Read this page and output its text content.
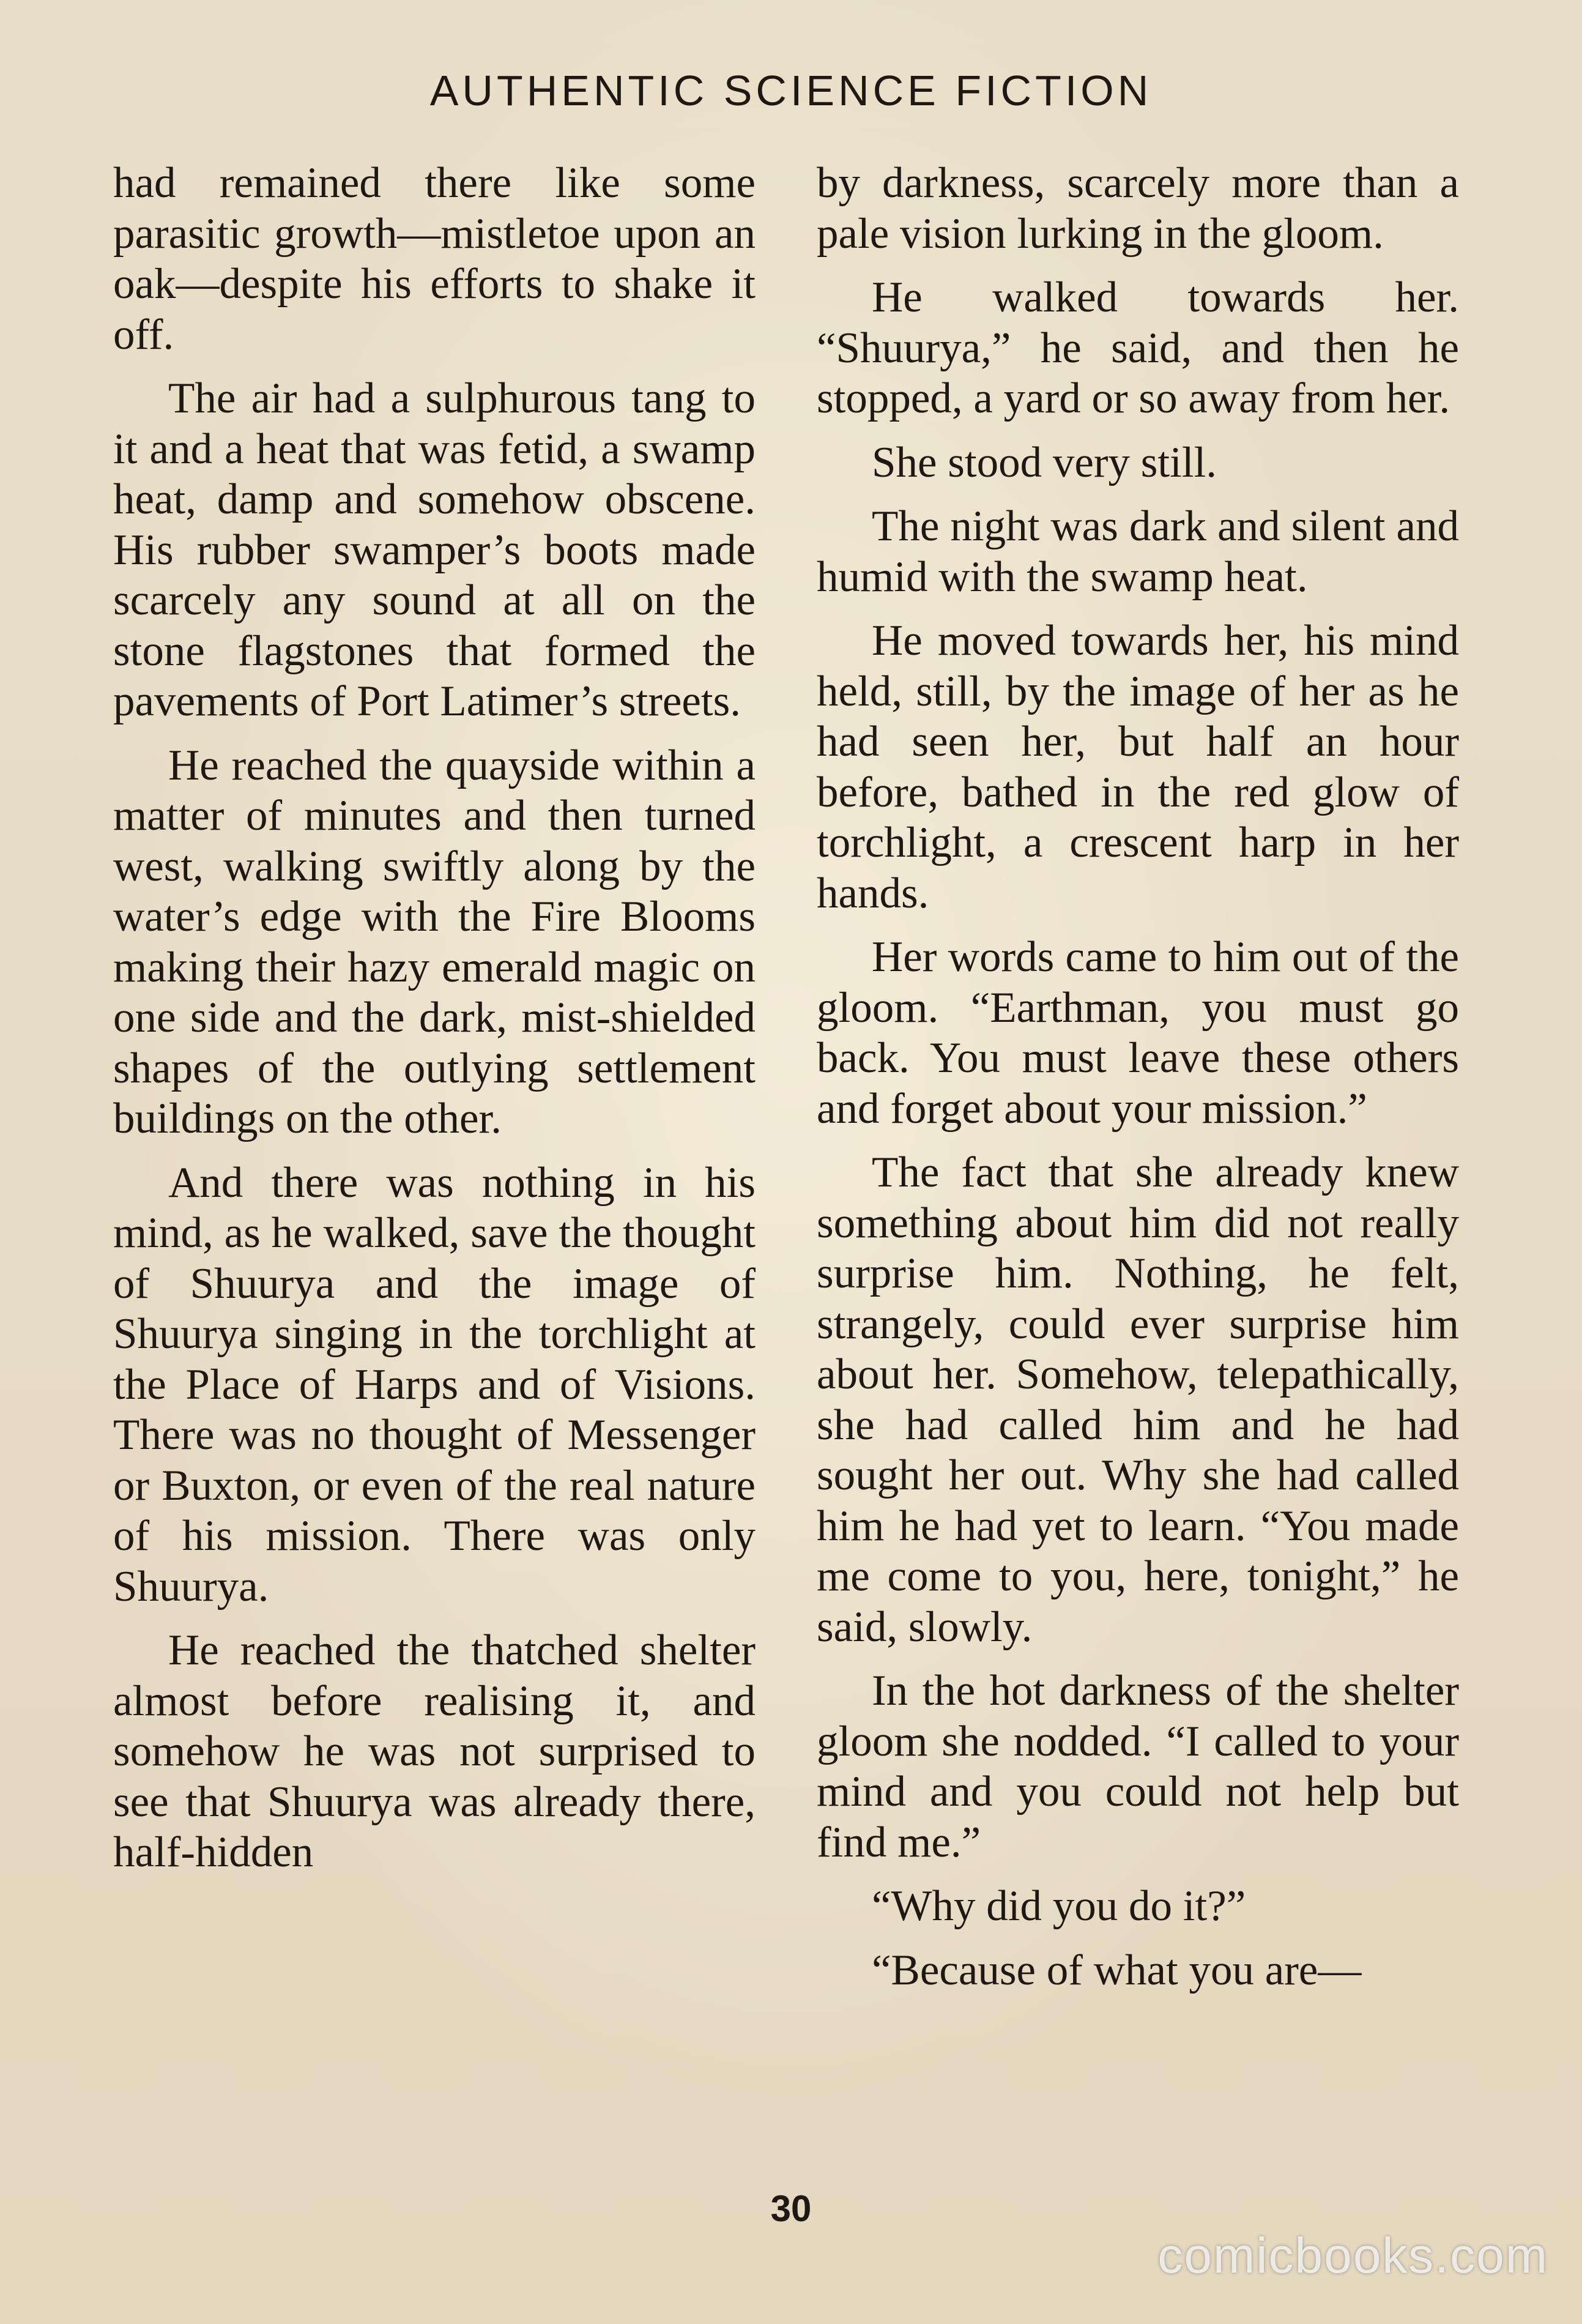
AUTHENTIC SCIENCE FICTION

had remained there like some parasitic growth—mistletoe upon an oak—despite his efforts to shake it off.

The air had a sulphurous tang to it and a heat that was fetid, a swamp heat, damp and somehow obscene. His rubber swamper’s boots made scarcely any sound at all on the stone flagstones that formed the pavements of Port Latimer’s streets.

He reached the quayside within a matter of minutes and then turned west, walking swiftly along by the water’s edge with the Fire Blooms making their hazy emerald magic on one side and the dark, mist-shielded shapes of the outlying settlement buildings on the other.

And there was nothing in his mind, as he walked, save the thought of Shuurya and the image of Shuurya singing in the torchlight at the Place of Harps and of Visions. There was no thought of Messenger or Buxton, or even of the real nature of his mission. There was only Shuurya.

He reached the thatched shelter almost before realising it, and somehow he was not surprised to see that Shuurya was already there, half-hidden

by darkness, scarcely more than a pale vision lurking in the gloom.

He walked towards her. “Shuurya,” he said, and then he stopped, a yard or so away from her.

She stood very still.

The night was dark and silent and humid with the swamp heat.

He moved towards her, his mind held, still, by the image of her as he had seen her, but half an hour before, bathed in the red glow of torchlight, a crescent harp in her hands.

Her words came to him out of the gloom. “Earthman, you must go back. You must leave these others and forget about your mission.”

The fact that she already knew something about him did not really surprise him. Nothing, he felt, strangely, could ever surprise him about her. Somehow, telepathically, she had called him and he had sought her out. Why she had called him he had yet to learn. “You made me come to you, here, tonight,” he said, slowly.

In the hot darkness of the shelter gloom she nodded. “I called to your mind and you could not help but find me.”

“Why did you do it?”

“Because of what you are—

30
comicbooks.com
